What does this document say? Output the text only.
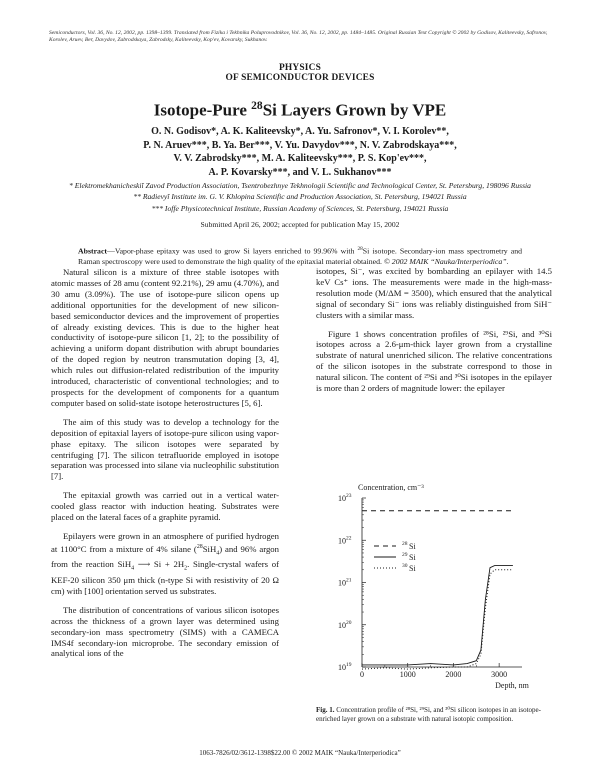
Semiconductors, Vol. 36, No. 12, 2002, pp. 1398–1399. Translated from Fizika i Tekhnika Poluprovodnikov, Vol. 36, No. 12, 2002, pp. 1484–1485. Original Russian Text Copyright © 2002 by Godisov, Kaliteevsky, Safronov, Korolev, Aruev, Ber, Davydov, Zabrodskaya, Zabrodsky, Kaliteevsky, Kop'ev, Kovarsky, Sukhanov.
PHYSICS
OF SEMICONDUCTOR DEVICES
Isotope-Pure $^{28}$Si Layers Grown by VPE
O. N. Godisov*, A. K. Kaliteevsky*, A. Yu. Safronov*, V. I. Korolev**,
P. N. Aruev***, B. Ya. Ber***, V. Yu. Davydov***, N. V. Zabrodskaya***,
V. V. Zabrodsky***, M. A. Kaliteevsky***, P. S. Kop'ev***,
A. P. Kovarsky***, and V. L. Sukhanov***
* Elektromekhanicheskiĭ Zavod Production Association, Tsentrobezhnye Tekhnologii Scientific and Technological Center, St. Petersburg, 198096 Russia
** Radievyĭ Institute im. G. V. Khlopina Scientific and Production Association, St. Petersburg, 194021 Russia
*** Ioffe Physicotechnical Institute, Russian Academy of Sciences, St. Petersburg, 194021 Russia
Submitted April 26, 2002; accepted for publication May 15, 2002
Abstract—Vapor-phase epitaxy was used to grow Si layers enriched to 99.96% with $^{28}$Si isotope. Secondary-ion mass spectrometry and Raman spectroscopy were used to demonstrate the high quality of the epitaxial material obtained. © 2002 MAIK “Nauka/Interperiodica”.

Natural silicon is a mixture of three stable isotopes with atomic masses of 28 amu (content 92.21%), 29 amu (4.70%), and 30 amu (3.09%). The use of isotope-pure silicon opens up additional opportunities for the development of new silicon-based semiconductor devices and the improvement of properties of already existing devices. This is due to the higher heat conductivity of isotope-pure silicon [1, 2]; to the possibility of achieving a uniform dopant distribution with abrupt boundaries of the doped region by neutron transmutation doping [3, 4], which rules out diffusion-related redistribution of the impurity introduced, characteristic of conventional technologies; and to prospects for the development of components for a quantum computer based on solid-state isotope heterostructures [5, 6].

The aim of this study was to develop a technology for the deposition of epitaxial layers of isotope-pure silicon using vapor-phase epitaxy. The silicon isotopes were separated by centrifuging [7]. The silicon tetrafluoride employed in isotope separation was processed into silane via nucleophilic substitution [7].

The epitaxial growth was carried out in a vertical water-cooled glass reactor with induction heating. Substrates were placed on the lateral faces of a graphite pyramid.

Epilayers were grown in an atmosphere of purified hydrogen at 1100°C from a mixture of 4% silane ($^{28}$SiH$_4$) and 96% argon from the reaction SiH$_4$ ⟶ $Si + 2H_2$. Single-crystal wafers of KEF-20 silicon 350 μm thick (n-type Si with resistivity of 20 Ω cm) with [100] orientation served us substrates.

The distribution of concentrations of various silicon isotopes across the thickness of a grown layer was determined using secondary-ion mass spectrometry (SIMS) with a CAMECA IMS4f secondary-ion microprobe. The secondary emission of analytical ions of the

isotopes, Si⁻, was excited by bombarding an epilayer with 14.5 keV Cs⁺ ions. The measurements were made in the high-mass-resolution mode (M/ΔM = 3500), which ensured that the analytical signal of secondary Si⁻ ions was reliably distinguished from SiH⁻ clusters with a similar mass.

Figure 1 shows concentration profiles of ²⁸Si, ²⁹Si, and ³⁰Si isotopes across a 2.6-μm-thick layer grown from a crystalline substrate of natural unenriched silicon. The relative concentrations of the silicon isotopes in the substrate correspond to those in natural silicon. The content of ²⁹Si and ³⁰Si isotopes in the epilayer is more than 2 orders of magnitude lower: the epilayer

Concentration, cm⁻³
10 23
10 22
10 21
10 20
10 19
0	1000	2000	3000
Depth, nm
28 Si
29 Si
30 Si
Fig. 1. Concentration profile of ²⁸Si, ²⁹Si, and ³⁰Si silicon isotopes in an isotope-enriched layer grown on a substrate with natural isotopic composition.
1063-7826/02/3612-1398$22.00 © 2002 MAIK “Nauka/Interperiodica”
